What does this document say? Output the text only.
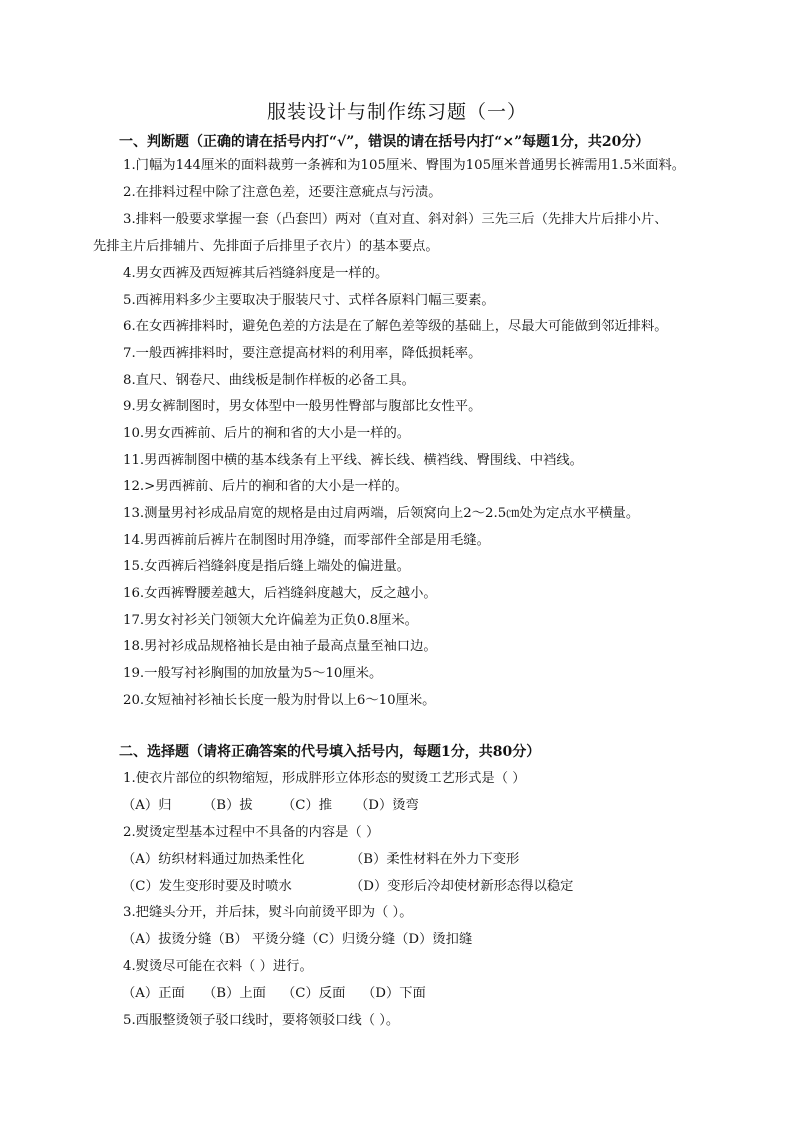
服装设计与制作练习题（一）
一、判断题（正确的请在括号内打“√”，错误的请在括号内打“×”每题1分，共20分）
1.门幅为144厘米的面料裁剪一条裤和为105厘米、臀围为105厘米普通男长裤需用1.5米面料。
2.在排料过程中除了注意色差，还要注意疵点与污渍。
3.排料一般要求掌握一套（凸套凹）两对（直对直、斜对斜）三先三后（先排大片后排小片、
先排主片后排辅片、先排面子后排里子衣片）的基本要点。
4.男女西裤及西短裤其后裆缝斜度是一样的。
5.西裤用料多少主要取决于服装尺寸、式样各原料门幅三要素。
6.在女西裤排料时，避免色差的方法是在了解色差等级的基础上，尽最大可能做到邻近排料。
7.一般西裤排料时，要注意提高材料的利用率，降低损耗率。
8.直尺、钢卷尺、曲线板是制作样板的必备工具。
9.男女裤制图时，男女体型中一般男性臀部与腹部比女性平。
10.男女西裤前、后片的裥和省的大小是一样的。
11.男西裤制图中横的基本线条有上平线、裤长线、横裆线、臀围线、中裆线。
12.>男西裤前、后片的裥和省的大小是一样的。
13.测量男衬衫成品肩宽的规格是由过肩两端，后领窝向上2～2.5㎝处为定点水平横量。
14.男西裤前后裤片在制图时用净缝，而零部件全部是用毛缝。
15.女西裤后裆缝斜度是指后缝上端处的偏进量。
16.女西裤臀腰差越大，后裆缝斜度越大，反之越小。
17.男女衬衫关门领领大允许偏差为正负0.8厘米。
18.男衬衫成品规格袖长是由袖子最高点量至袖口边。
19.一般写衬衫胸围的加放量为5～10厘米。
20.女短袖衬衫袖长长度一般为肘骨以上6～10厘米。
二、选择题（请将正确答案的代号填入括号内，每题1分，共80分）
1.使衣片部位的织物缩短，形成胖形立体形态的熨烫工艺形式是（ ）
（A）归 （B）拔 （C）推 （D）烫弯
2.熨烫定型基本过程中不具备的内容是（ ）
（A）纺织材料通过加热柔性化	（B）柔性材料在外力下变形
（C）发生变形时要及时喷水	（D）变形后冷却使材新形态得以稳定
3.把缝头分开，并后抹，熨斗向前烫平即为（ ）。
（A）拔烫分缝（B） 平烫分缝（C）归烫分缝（D）烫扣缝
4.熨烫尽可能在衣料（ ）进行。
（A）正面 （B）上面 （C）反面 （D）下面
5.西服整烫领子驳口线时，要将领驳口线（ ）。
